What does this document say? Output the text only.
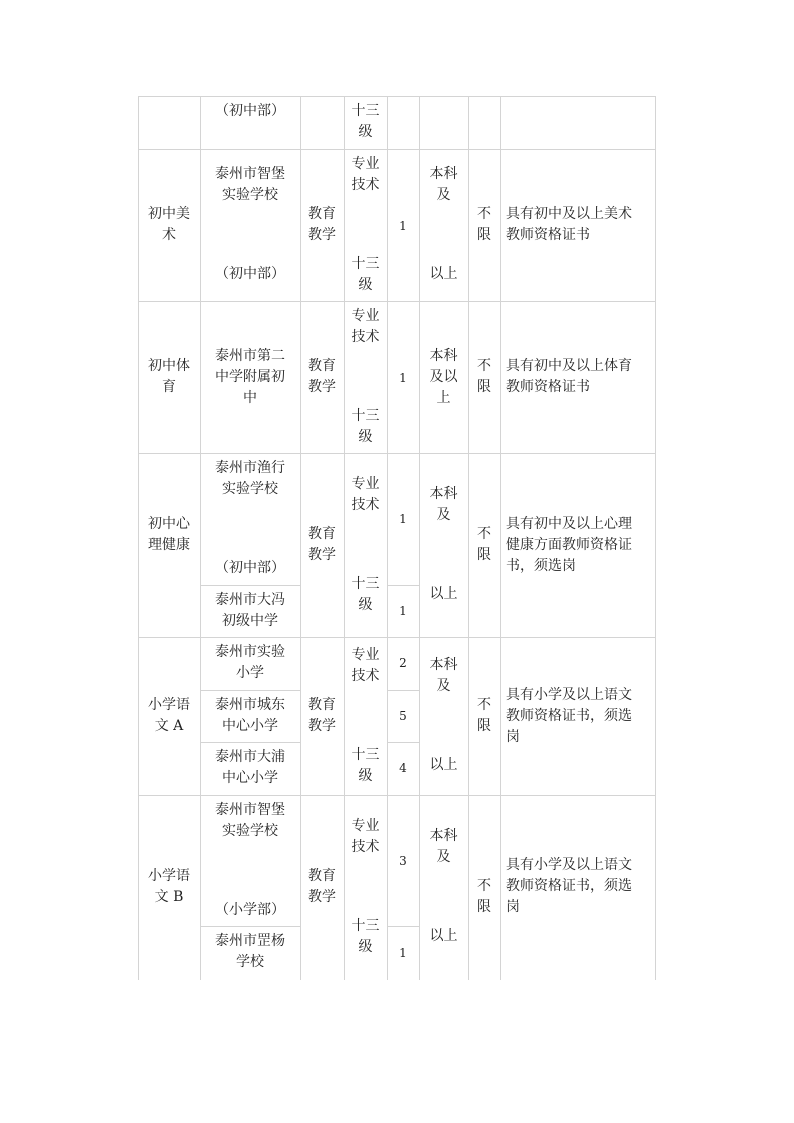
（初中部）	十三
级
初中美
术
泰州市智堡
实验学校
（初中部）
教育
教学
专业
技术
十三
级
1
本科
及
以上
不
限
具有初中及以上美术
教师资格证书
初中体
育
泰州市第二
中学附属初
中
教育
教学
专业
技术
十三
级
1
本科
及以
上
不
限
具有初中及以上体育
教师资格证书
初中心
理健康
泰州市渔行
实验学校
（初中部）
泰州市大冯
初级中学
教育
教学
专业
技术
十三
级
1
1
本科
及
以上
不
限
具有初中及以上心理
健康方面教师资格证
书，须选岗
小学语
文 A
泰州市实验
小学
泰州市城东
中心小学
泰州市大浦
中心小学
教育
教学
专业
技术
十三
级
2
5
4
本科
及
以上
不
限
具有小学及以上语文
教师资格证书，须选
岗
小学语
文 B
泰州市智堡
实验学校
（小学部）
泰州市罡杨
学校
教育
教学
专业
技术
十三
级
3
1
本科
及
以上
不
限
具有小学及以上语文
教师资格证书，须选
岗
